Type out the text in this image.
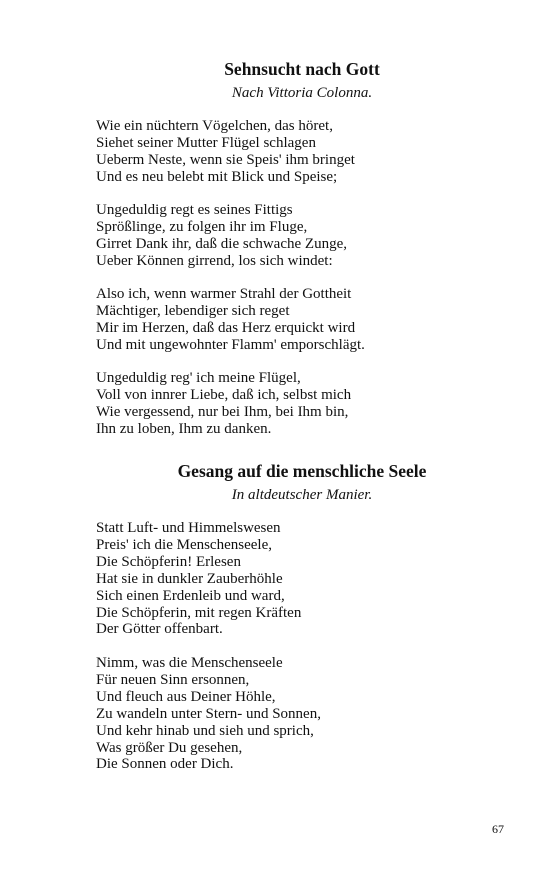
Sehnsucht nach Gott

Nach Vittoria Colonna.

Wie ein nüchtern Vögelchen, das höret,
Siehet seiner Mutter Flügel schlagen
Ueberm Neste, wenn sie Speis' ihm bringet
Und es neu belebt mit Blick und Speise;
Ungeduldig regt es seines Fittigs
Sprößlinge, zu folgen ihr im Fluge,
Girret Dank ihr, daß die schwache Zunge,
Ueber Können girrend, los sich windet:
Also ich, wenn warmer Strahl der Gottheit
Mächtiger, lebendiger sich reget
Mir im Herzen, daß das Herz erquickt wird
Und mit ungewohnter Flamm' emporschlägt.
Ungeduldig reg' ich meine Flügel,
Voll von innrer Liebe, daß ich, selbst mich
Wie vergessend, nur bei Ihm, bei Ihm bin,
Ihn zu loben, Ihm zu danken.
Gesang auf die menschliche Seele

In altdeutscher Manier.

Statt Luft- und Himmelswesen
Preis' ich die Menschenseele,
Die Schöpferin! Erlesen
Hat sie in dunkler Zauberhöhle
Sich einen Erdenleib und ward,
Die Schöpferin, mit regen Kräften
Der Götter offenbart.
Nimm, was die Menschenseele
Für neuen Sinn ersonnen,
Und fleuch aus Deiner Höhle,
Zu wandeln unter Stern- und Sonnen,
Und kehr hinab und sieh und sprich,
Was größer Du gesehen,
Die Sonnen oder Dich.

67
